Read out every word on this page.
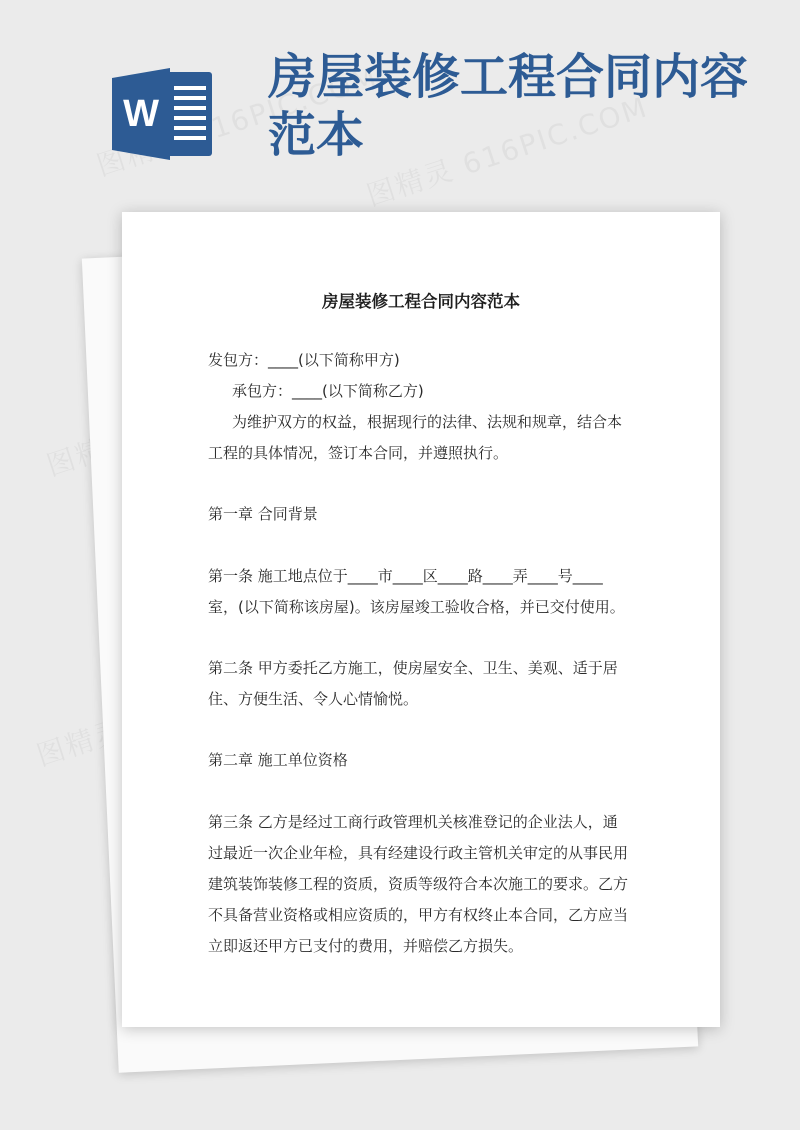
W
房屋装修工程合同内容
范本
房屋装修工程合同内容范本

发包方：____(以下简称甲方)

承包方：____(以下简称乙方)

为维护双方的权益，根据现行的法律、法规和规章，结合本

工程的具体情况，签订本合同，并遵照执行。

第一章 合同背景

第一条 施工地点位于____市____区____路____弄____号____

室，(以下简称该房屋)。该房屋竣工验收合格，并已交付使用。

第二条 甲方委托乙方施工，使房屋安全、卫生、美观、适于居

住、方便生活、令人心情愉悦。

第二章 施工单位资格

第三条 乙方是经过工商行政管理机关核准登记的企业法人，通

过最近一次企业年检，具有经建设行政主管机关审定的从事民用

建筑装饰装修工程的资质，资质等级符合本次施工的要求。乙方

不具备营业资格或相应资质的，甲方有权终止本合同，乙方应当

立即返还甲方已支付的费用，并赔偿乙方损失。
